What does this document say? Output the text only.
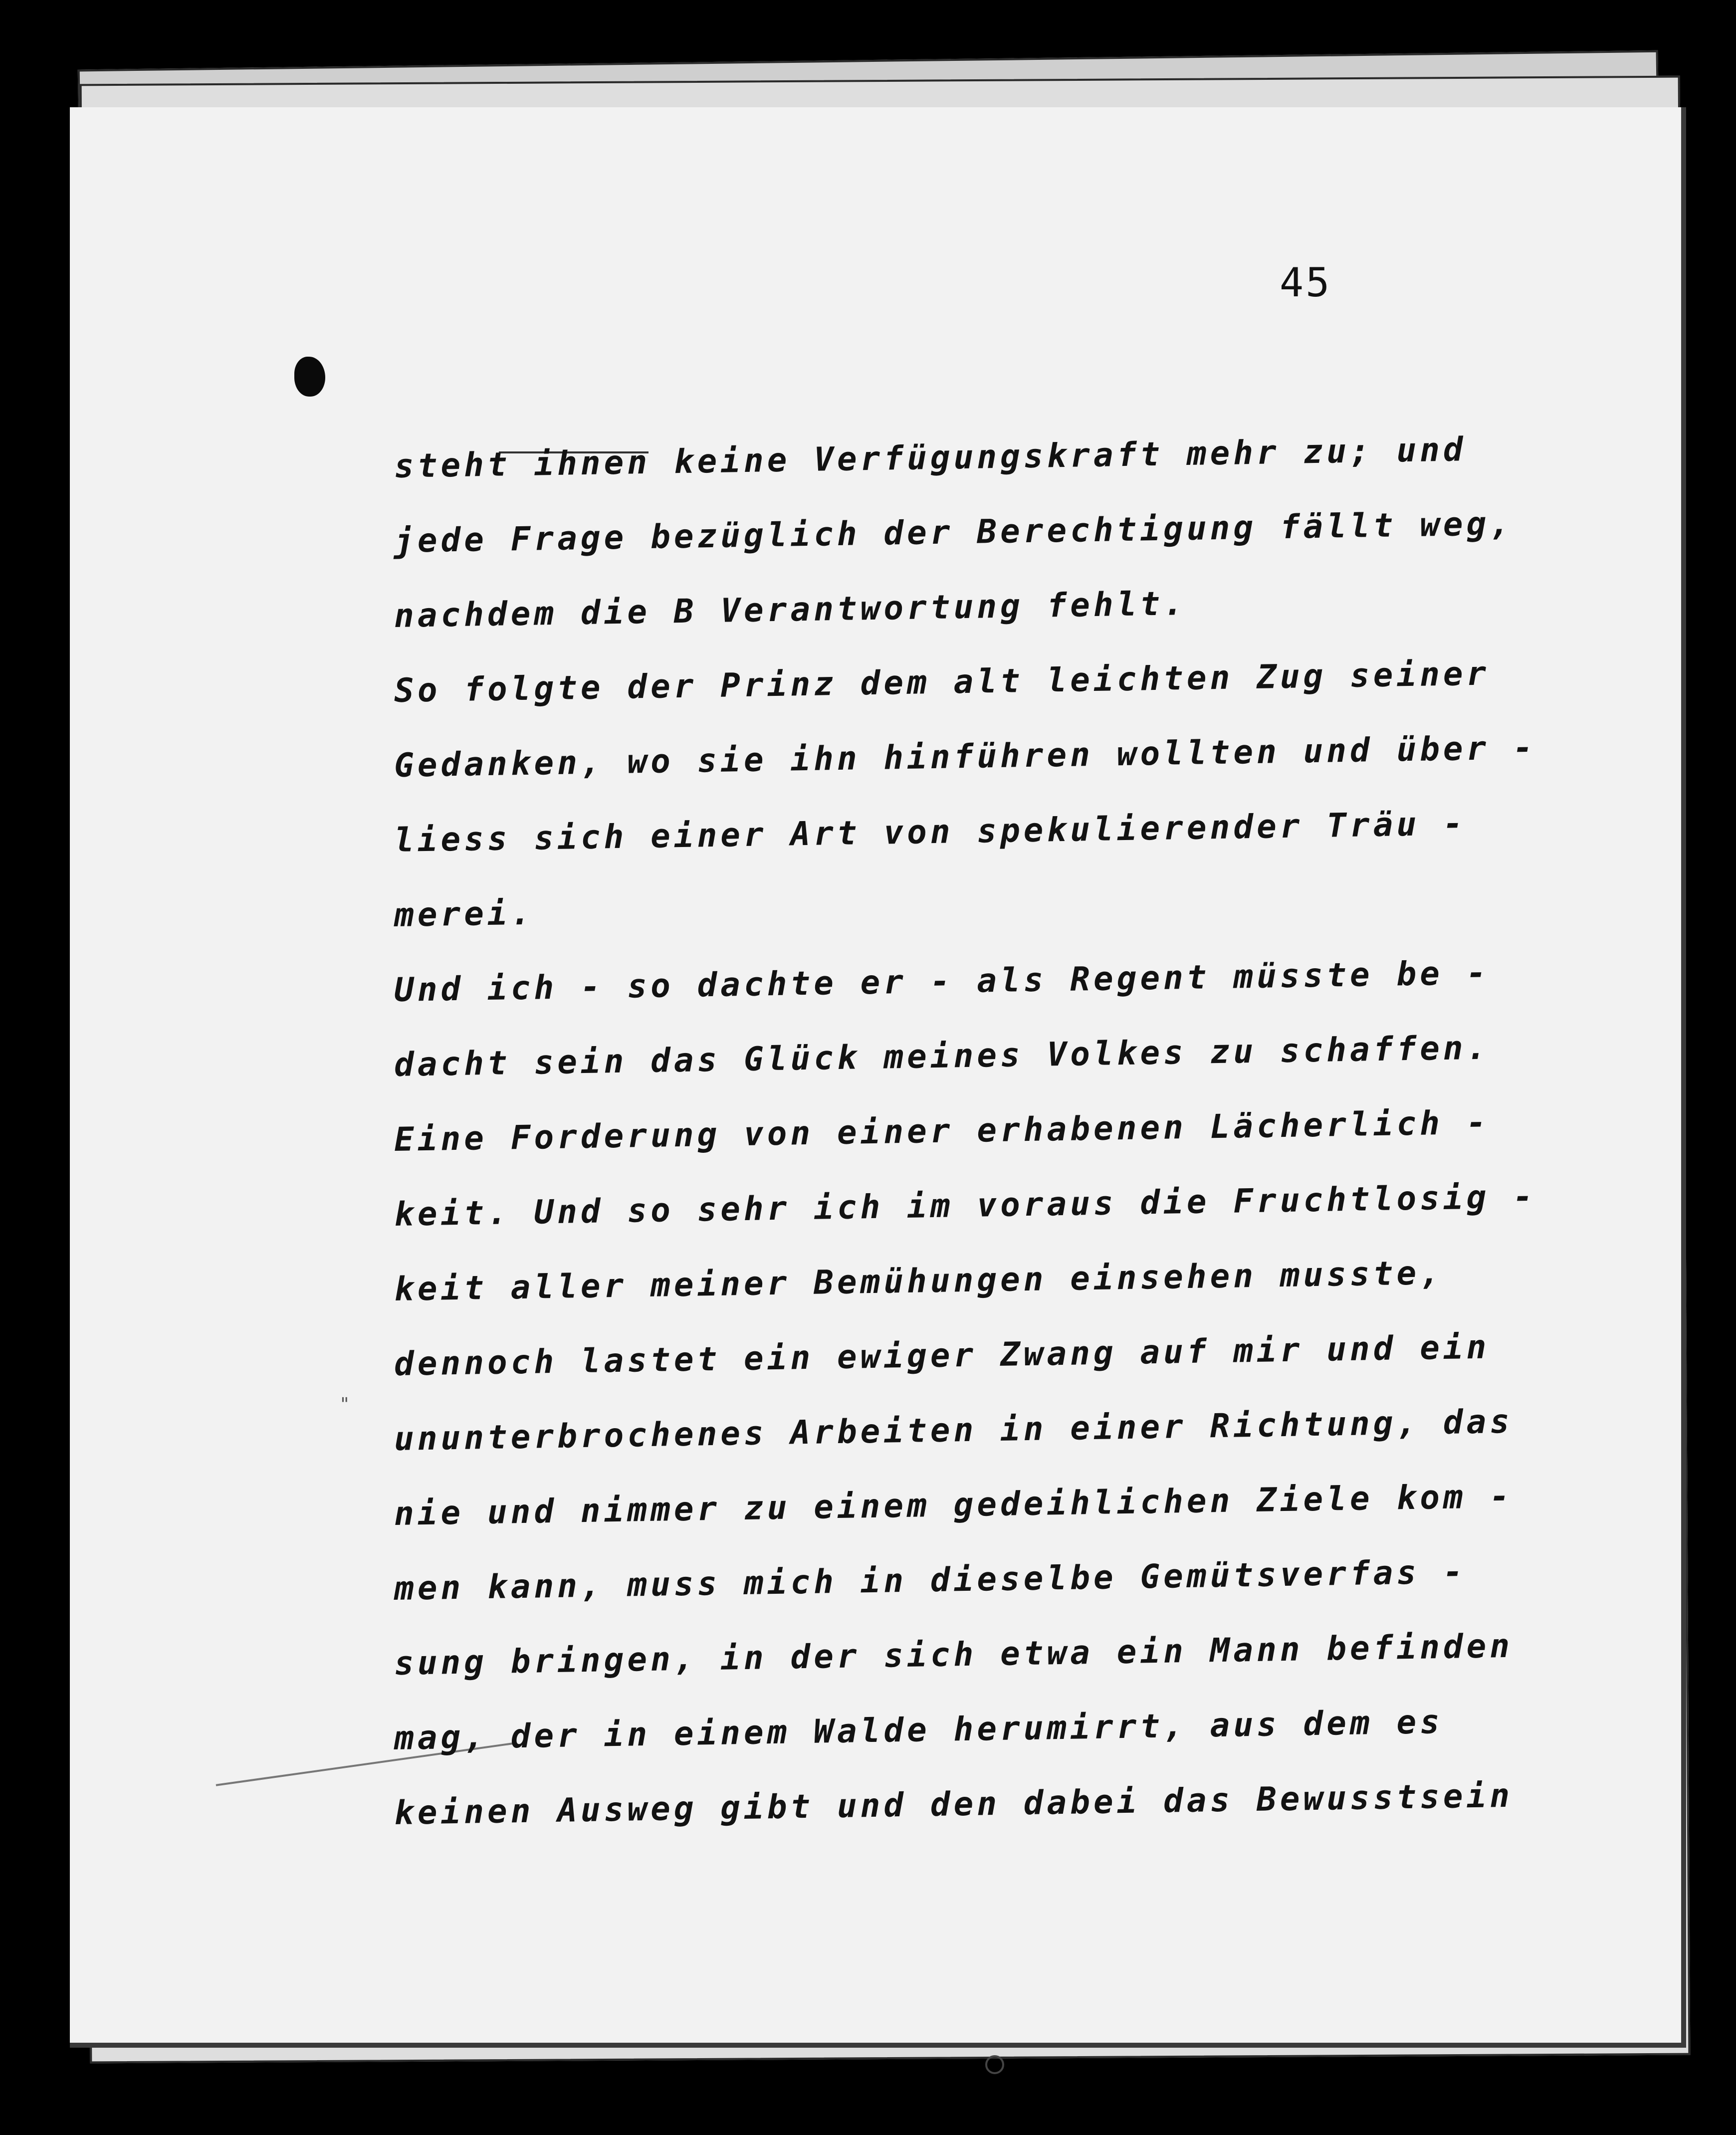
"
45
steht ihnen keine Verfügungskraft mehr zu; und
jede Frage bezüglich der Berechtigung fällt weg,
nachdem die B Verantwortung fehlt.
So folgte der Prinz dem alt leichten Zug seiner
Gedanken, wo sie ihn hinführen wollten und über -
liess sich einer Art von spekulierender Träu -
merei.
Und ich - so dachte er - als Regent müsste be -
dacht sein das Glück meines Volkes zu schaffen.
Eine Forderung von einer erhabenen Lächerlich -
keit. Und so sehr ich im voraus die Fruchtlosig -
keit aller meiner Bemühungen einsehen musste,
dennoch lastet ein ewiger Zwang auf mir und ein
ununterbrochenes Arbeiten in einer Richtung, das
nie und nimmer zu einem gedeihlichen Ziele kom -
men kann, muss mich in dieselbe Gemütsverfas -
sung bringen, in der sich etwa ein Mann befinden
mag, der in einem Walde herumirrt, aus dem es
keinen Ausweg gibt und den dabei das Bewusstsein
